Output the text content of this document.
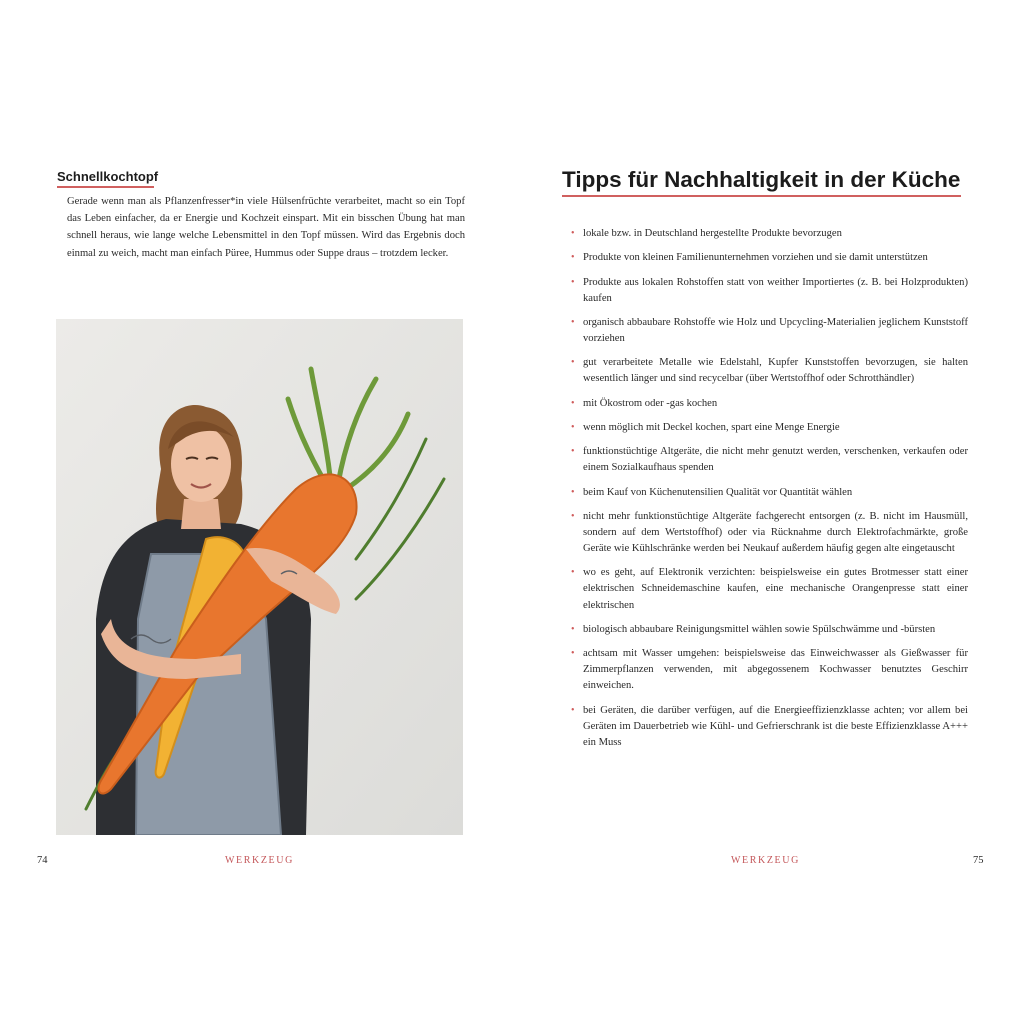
Schnellkochtopf
Gerade wenn man als Pflanzenfresser*in viele Hülsenfrüchte verarbeitet, macht so ein Topf das Leben einfacher, da er Energie und Kochzeit einspart. Mit ein bisschen Übung hat man schnell heraus, wie lange welche Lebensmittel in den Topf müssen. Wird das Ergebnis doch einmal zu weich, macht man einfach Püree, Hummus oder Suppe draus – trotzdem lecker.
74	WERKZEUG
Tipps für Nachhaltigkeit in der Küche
• lokale bzw. in Deutschland hergestellte Produkte bevorzugen
• Produkte von kleinen Familienunternehmen vorziehen und sie damit unterstützen
• Produkte aus lokalen Rohstoffen statt von weither Importiertes (z. B. bei Holzprodukten) kaufen
• organisch abbaubare Rohstoffe wie Holz und Upcycling-Materialien jeglichem Kunststoff vorziehen
• gut verarbeitete Metalle wie Edelstahl, Kupfer Kunststoffen bevorzugen, sie halten wesentlich länger und sind recycelbar (über Wertstoffhof oder Schrotthändler)
• mit Ökostrom oder -gas kochen
• wenn möglich mit Deckel kochen, spart eine Menge Energie
• funktionstüchtige Altgeräte, die nicht mehr genutzt werden, verschenken, verkaufen oder einem Sozialkaufhaus spenden
• beim Kauf von Küchenutensilien Qualität vor Quantität wählen
• nicht mehr funktionstüchtige Altgeräte fachgerecht entsorgen (z. B. nicht im Hausmüll, sondern auf dem Wertstoffhof) oder via Rücknahme durch Elektrofachmärkte, große Geräte wie Kühlschränke werden bei Neukauf außerdem häufig gegen alte eingetauscht
• wo es geht, auf Elektronik verzichten: beispielsweise ein gutes Brotmesser statt einer elektrischen Schneidemaschine kaufen, eine mechanische Orangenpresse statt einer elektrischen
• biologisch abbaubare Reinigungsmittel wählen sowie Spülschwämme und -bürsten
• achtsam mit Wasser umgehen: beispielsweise das Einweichwasser als Gießwasser für Zimmerpflanzen verwenden, mit abgegossenem Kochwasser benutztes Geschirr einweichen.
• bei Geräten, die darüber verfügen, auf die Energieeffizienzklasse achten; vor allem bei Geräten im Dauerbetrieb wie Kühl- und Gefrierschrank ist die beste Effizienzklasse A+++ ein Muss
WERKZEUG	75
